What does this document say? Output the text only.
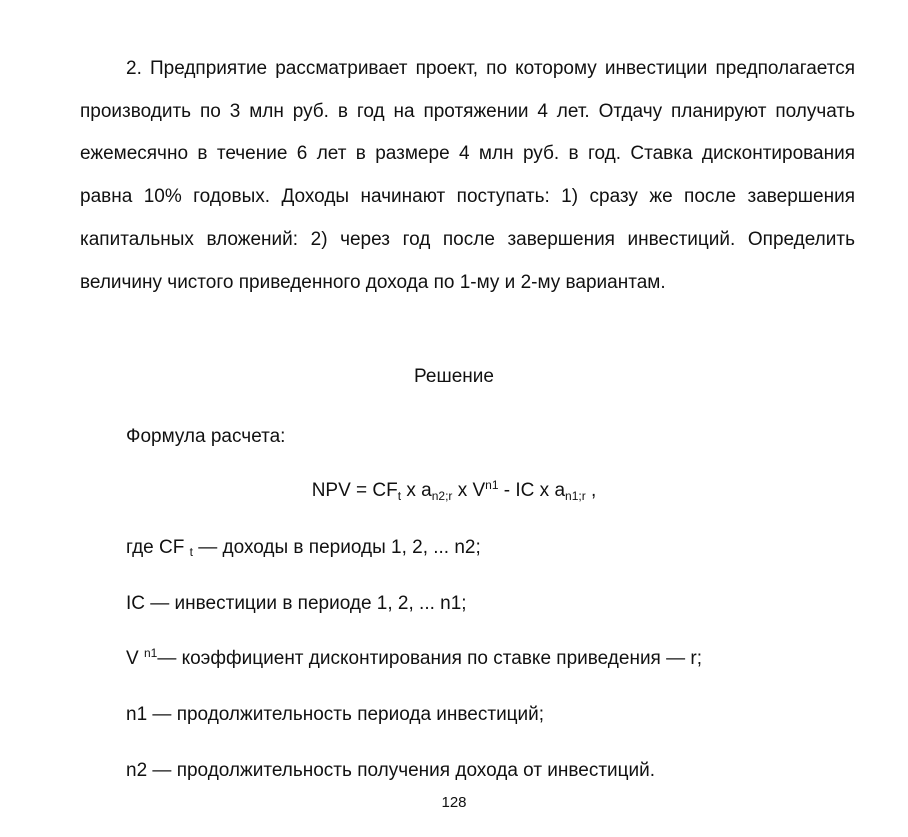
2. Предприятие рассматривает проект, по которому инвестиции предполагается производить по 3 млн руб. в год на протяжении 4 лет. Отдачу планируют получать ежемесячно в течение 6 лет в размере 4 млн руб. в год. Ставка дисконтирования равна 10% годовых. Доходы начинают поступать: 1) сразу же после завершения капитальных вложений: 2) через год после завершения инвестиций. Определить величину чистого приведенного дохода по 1-му и 2-му вариантам.

Решение

Формула расчета:

NPV = $CF_t$ x $a_{n2;r}$ x $V^{n1}$ - IC x $a_{n1;r}$ ,

где CF t — доходы в периоды 1, 2, ... n2;

IC — инвестиции в периоде 1, 2, ... n1;

V $^{n1}$— коэффициент дисконтирования по ставке приведения — r;

n1 — продолжительность периода инвестиций;

n2 — продолжительность получения дохода от инвестиций.

128
